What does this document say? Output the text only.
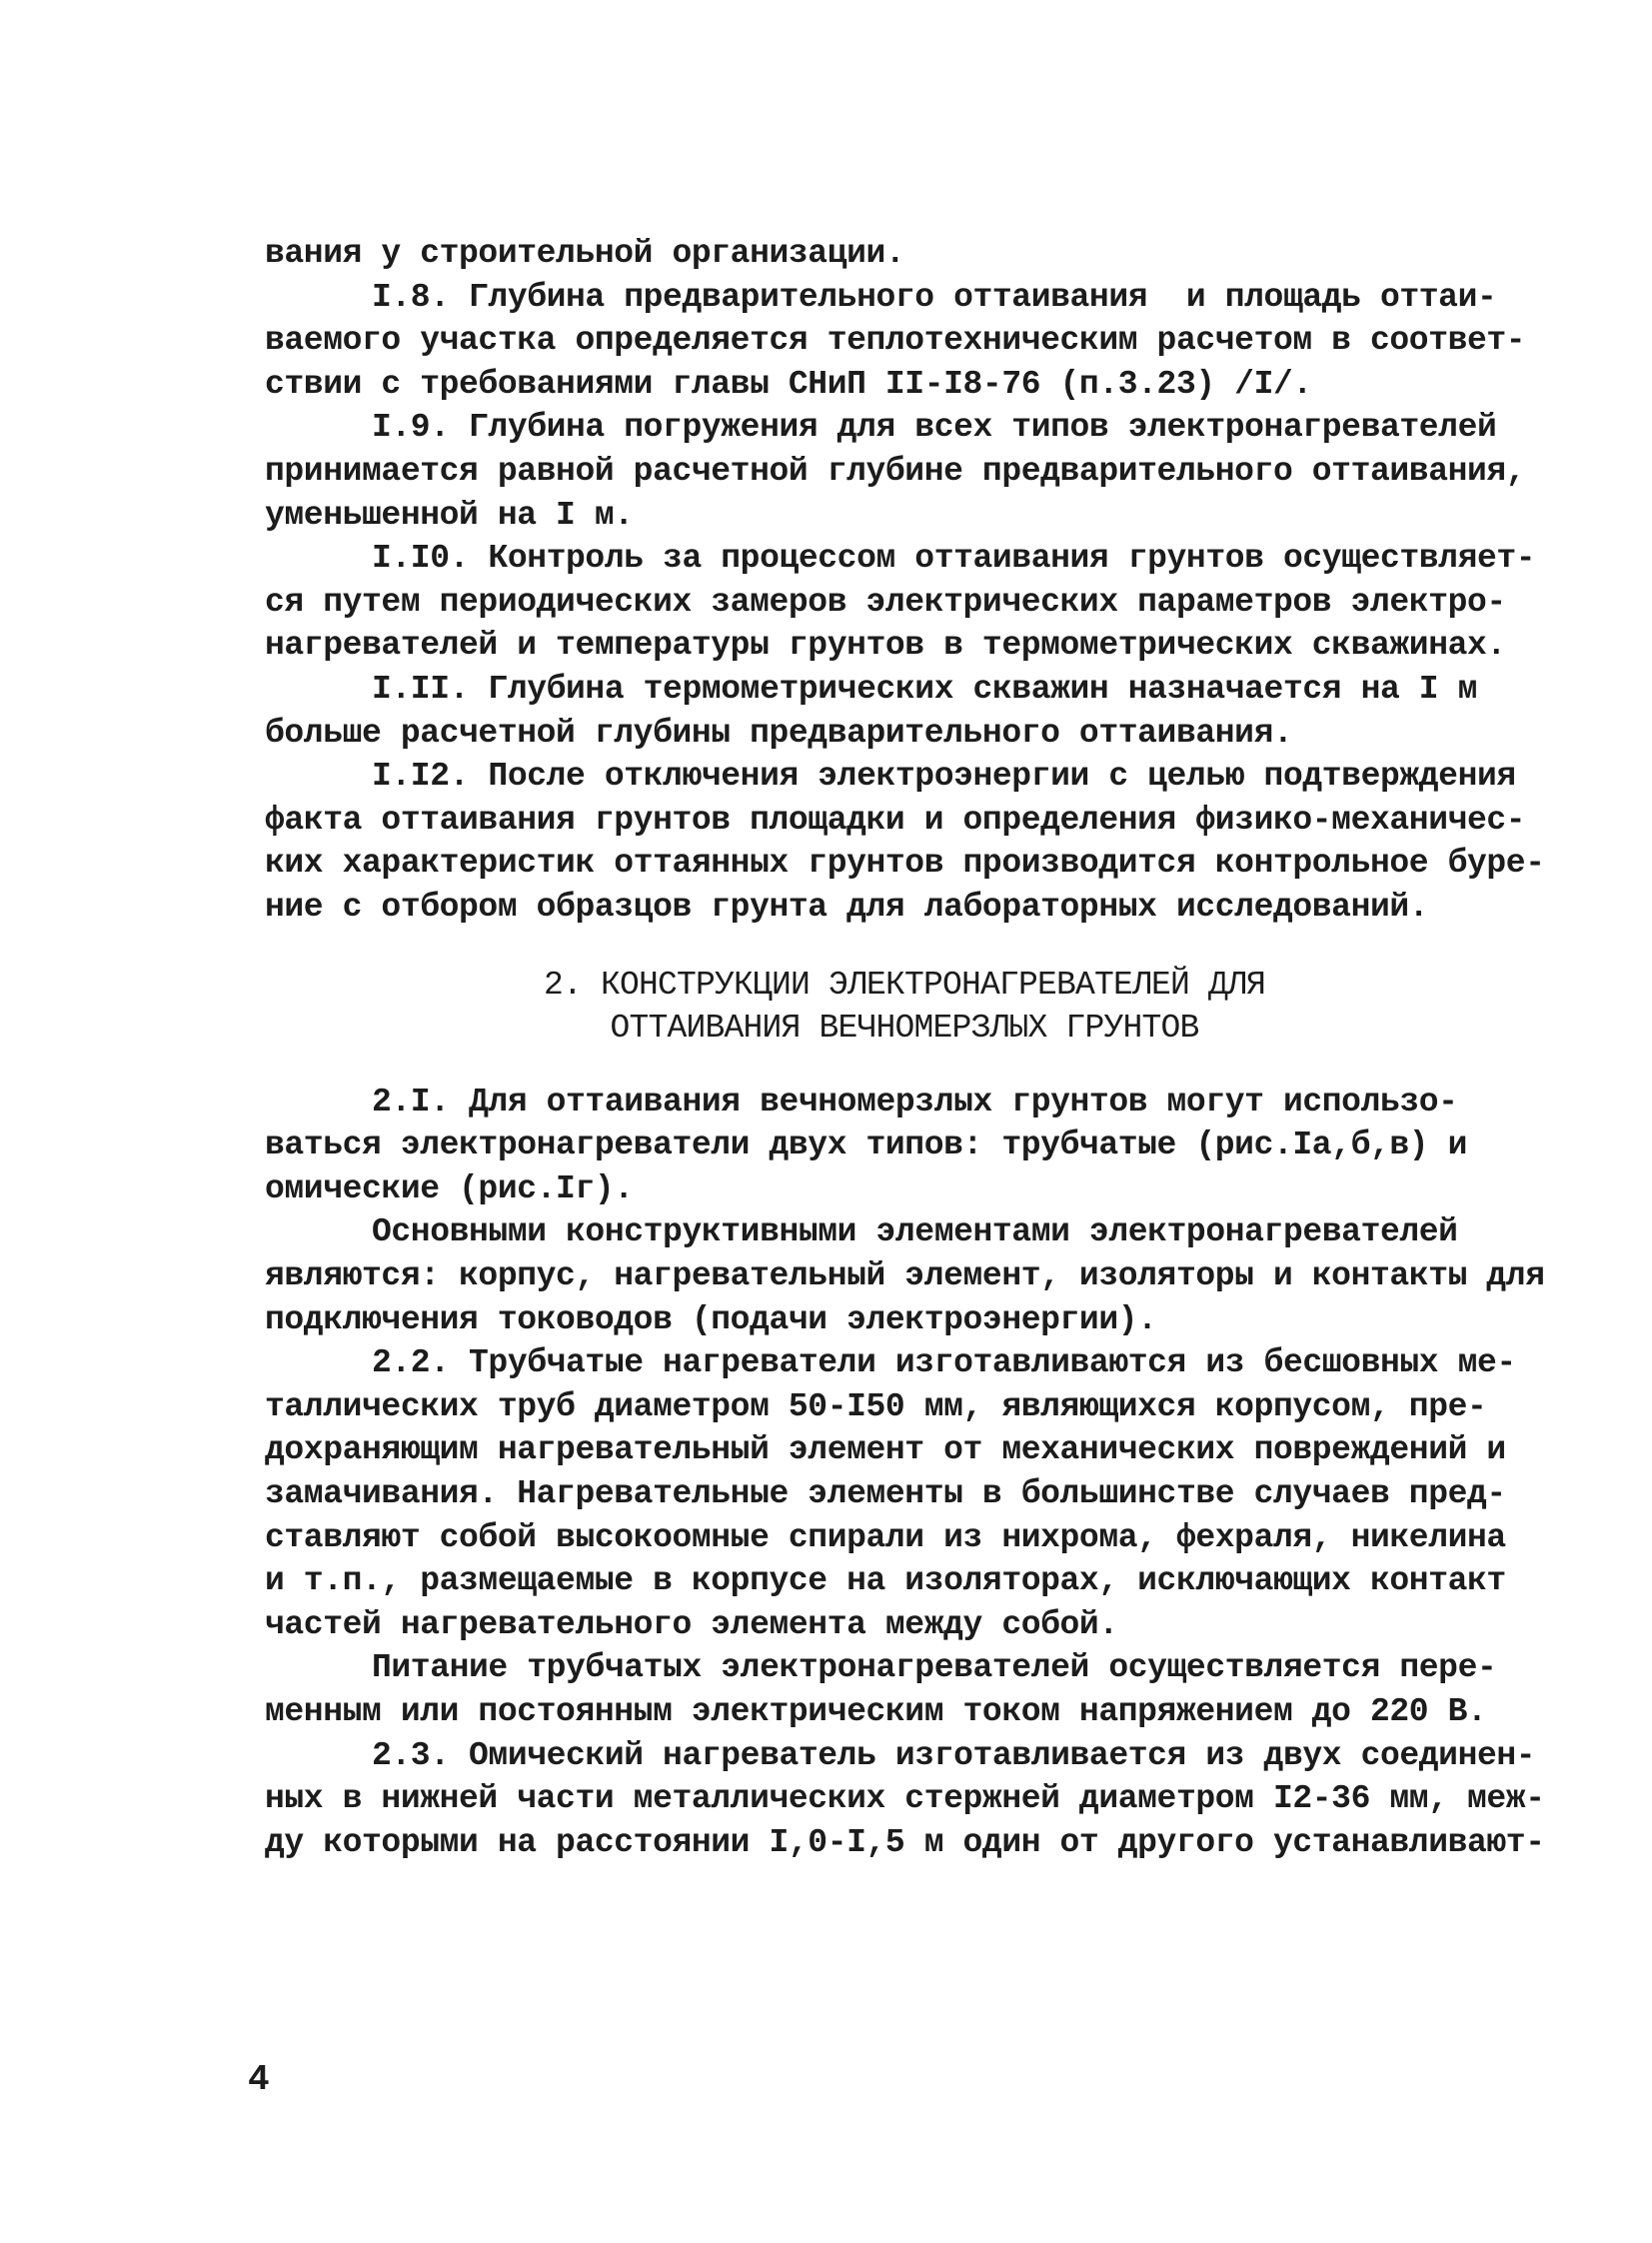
вания у строительной организации.
I.8. Глубина предварительного оттаивания  и площадь оттаи-
ваемого участка определяется теплотехническим расчетом в соответ-
ствии с требованиями главы СНиП II-I8-76 (п.3.23) /I/.
I.9. Глубина погружения для всех типов электронагревателей
принимается равной расчетной глубине предварительного оттаивания,
уменьшенной на I м.
I.I0. Контроль за процессом оттаивания грунтов осуществляет-
ся путем периодических замеров электрических параметров электро-
нагревателей и температуры грунтов в термометрических скважинах.
I.II. Глубина термометрических скважин назначается на I м
больше расчетной глубины предварительного оттаивания.
I.I2. После отключения электроэнергии с целью подтверждения
факта оттаивания грунтов площадки и определения физико-механичес-
ких характеристик оттаянных грунтов производится контрольное буре-
ние с отбором образцов грунта для лабораторных исследований.
2. КОНСТРУКЦИИ ЭЛЕКТРОНАГРЕВАТЕЛЕЙ ДЛЯ
ОТТАИВАНИЯ ВЕЧНОМЕРЗЛЫХ ГРУНТОВ
2.I. Для оттаивания вечномерзлых грунтов могут использо-
ваться электронагреватели двух типов: трубчатые (рис.Iа,б,в) и
омические (рис.Iг).
Основными конструктивными элементами электронагревателей
являются: корпус, нагревательный элемент, изоляторы и контакты для
подключения тоководов (подачи электроэнергии).
2.2. Трубчатые нагреватели изготавливаются из бесшовных ме-
таллических труб диаметром 50-I50 мм, являющихся корпусом, пре-
дохраняющим нагревательный элемент от механических повреждений и
замачивания. Нагревательные элементы в большинстве случаев пред-
ставляют собой высокоомные спирали из нихрома, фехраля, никелина
и т.п., размещаемые в корпусе на изоляторах, исключающих контакт
частей нагревательного элемента между собой.
Питание трубчатых электронагревателей осуществляется пере-
менным или постоянным электрическим током напряжением до 220 В.
2.3. Омический нагреватель изготавливается из двух соединен-
ных в нижней части металлических стержней диаметром I2-36 мм, меж-
ду которыми на расстоянии I,0-I,5 м один от другого устанавливают-
4
